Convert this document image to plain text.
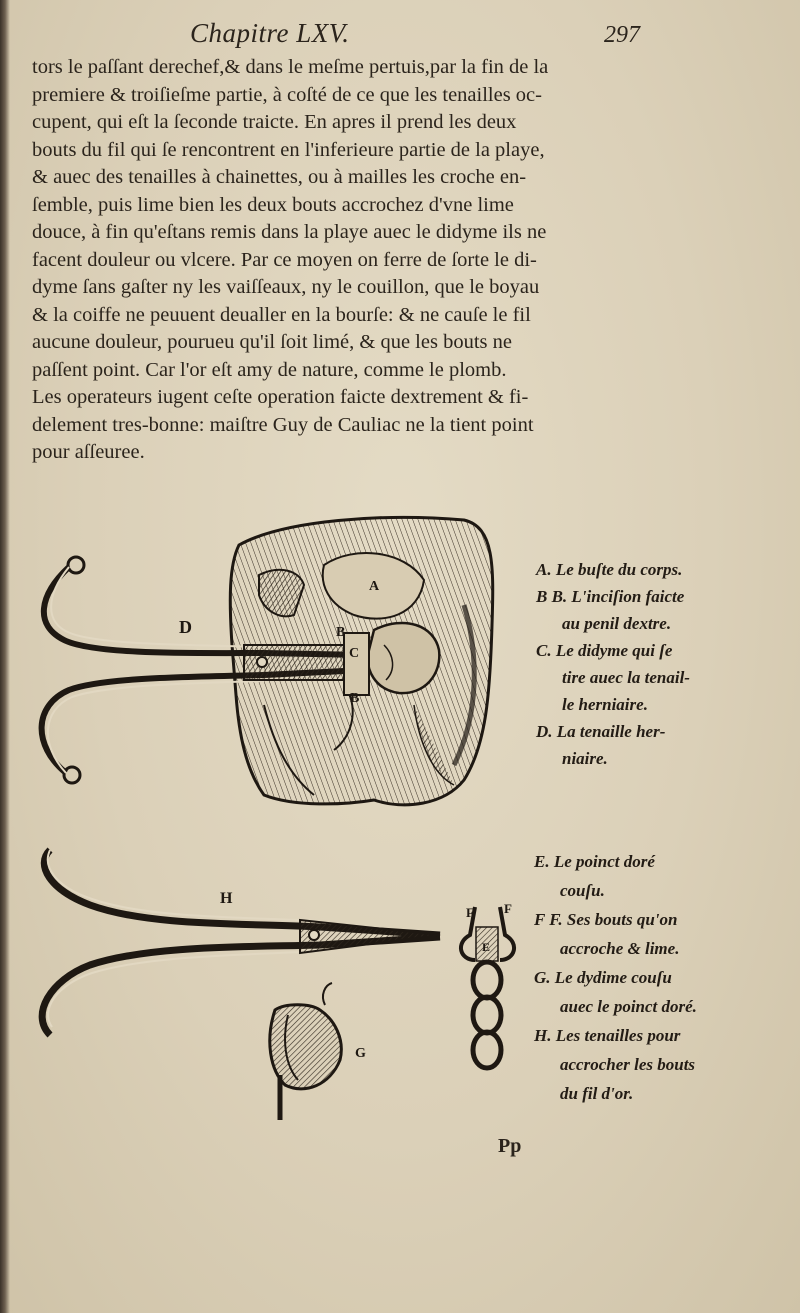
Chapitre LXV.	297
tors le paſſant derechef,& dans le meſme pertuis,par la fin de la
premiere & troiſieſme partie, à coſté de ce que les tenailles oc-
cupent, qui eſt la ſeconde traicte. En apres il prend les deux
bouts du fil qui ſe rencontrent en l'inferieure partie de la playe,
& auec des tenailles à chainettes, ou à mailles les croche en-
ſemble, puis lime bien les deux bouts accrochez d'vne lime
douce, à fin qu'eſtans remis dans la playe auec le didyme ils ne
facent douleur ou vlcere. Par ce moyen on ferre de ſorte le di-
dyme ſans gaſter ny les vaiſſeaux, ny le couillon, que le boyau
& la coiffe ne peuuent deualler en la bourſe: & ne cauſe le fil
aucune douleur, pourueu qu'il ſoit limé, & que les bouts ne
paſſent point. Car l'or eſt amy de nature, comme le plomb.
Les operateurs iugent ceſte operation faicte dextrement & fi-
delement tres-bonne: maiſtre Guy de Cauliac ne la tient point
pour aſſeuree.
D
A
B
B
C
A. Le buſte du corps.
B B. L'inciſion faicte
au penil dextre.
C. Le didyme qui ſe
tire auec la tenail-
le herniaire.
D. La tenaille her-
niaire.
H
F F
E
G
E. Le poinct doré
couſu.
F F. Ses bouts qu'on
accroche & lime.
G. Le dydime couſu
auec le poinct doré.
H. Les tenailles pour
accrocher les bouts
du fil d'or.
Pp
